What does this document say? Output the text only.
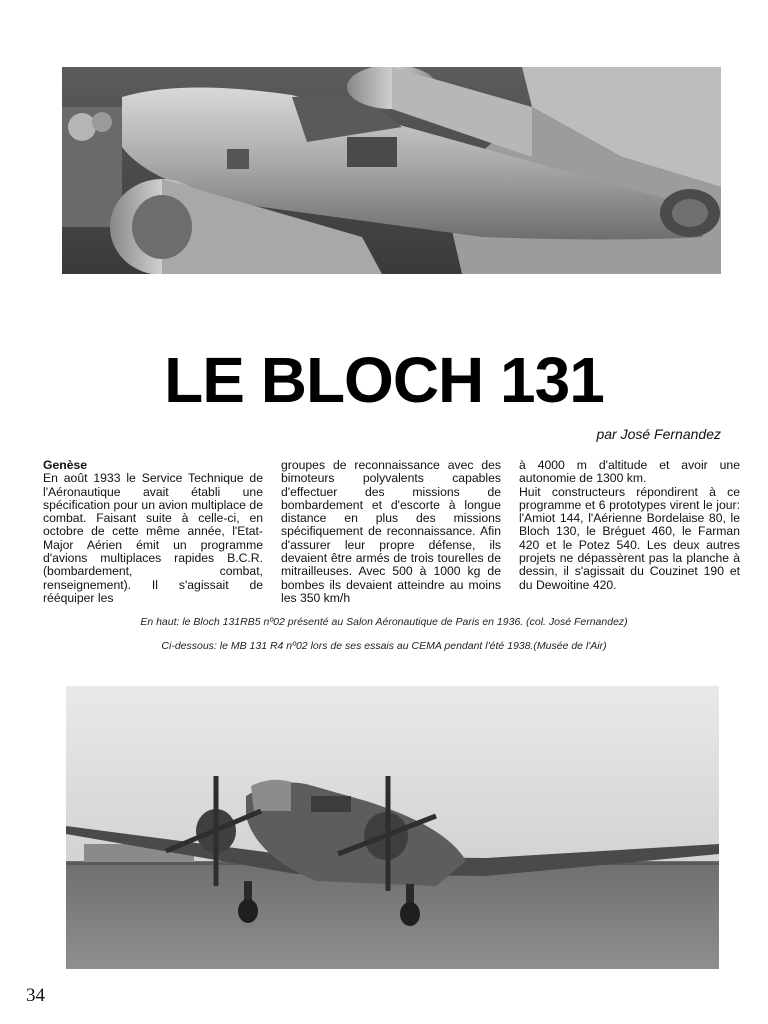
LE BLOCH 131
par José Fernandez

Genèse
En août 1933 le Service Technique de l'Aéronautique avait établi une spécification pour un avion multiplace de combat. Faisant suite à celle-ci, en octobre de cette même année, l'Etat-Major Aérien émit un programme d'avions multiplaces rapides B.C.R. (bombardement, combat, renseignement). Il s'agissait de rééquiper les

groupes de reconnaissance avec des bimoteurs polyvalents capables d'effectuer des missions de bombardement et d'escorte à longue distance en plus des missions spécifiquement de reconnaissance. Afin d'assurer leur propre défense, ils devaient être armés de trois tourelles de mitrailleuses. Avec 500 à 1000 kg de bombes ils devaient atteindre au moins les 350 km/h

à 4000 m d'altitude et avoir une autonomie de 1300 km.

Huit constructeurs répondirent à ce programme et 6 prototypes virent le jour: l'Amiot 144, l'Aérienne Bordelaise 80, le Bloch 130, le Bréguet 460, le Farman 420 et le Potez 540. Les deux autres projets ne dépassèrent pas la planche à dessin, il s'agissait du Couzinet 190 et du Dewoitine 420.

En haut: le Bloch 131RB5 nº02 présenté au Salon Aéronautique de Paris en 1936. (col. José Fernandez)
Ci-dessous: le MB 131 R4 nº02 lors de ses essais au CEMA pendant l'été 1938.(Musée de l'Air)
34
